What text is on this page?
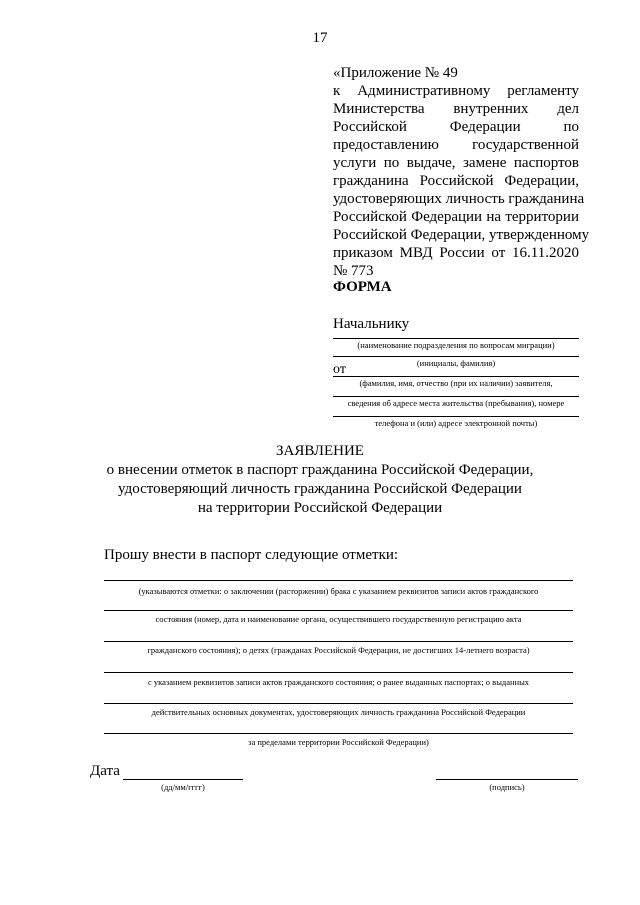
17
«Приложение № 49
к Административному регламенту
Министерства внутренних дел
Российской Федерации по
предоставлению государственной
услуги по выдаче, замене паспортов
гражданина Российской Федерации,
удостоверяющих личность гражданина
Российской Федерации на территории
Российской Федерации, утвержденному
приказом МВД России от 16.11.2020
№ 773
ФОРМА
Начальнику
(наименование подразделения по вопросам миграции)
(инициалы, фамилия)
от
(фамилия, имя, отчество (при их наличии) заявителя,
сведения об адресе места жительства (пребывания), номере
телефона и (или) адресе электронной почты)
ЗАЯВЛЕНИЕ
о внесении отметок в паспорт гражданина Российской Федерации,
удостоверяющий личность гражданина Российской Федерации
на территории Российской Федерации
Прошу внести в паспорт следующие отметки:
(указываются отметки: о заключении (расторжении) брака с указанием реквизитов записи актов гражданского
состояния (номер, дата и наименование органа, осуществившего государственную регистрацию акта
гражданского состояния); о детях (гражданах Российской Федерации, не достигших 14-летнего возраста)
с указанием реквизитов записи актов гражданского состояния; о ранее выданных паспортах; о выданных
действительных основных документах, удостоверяющих личность гражданина Российской Федерации
за пределами территории Российской Федерации)
Дата
(дд/мм/гггг)	(подпись)
